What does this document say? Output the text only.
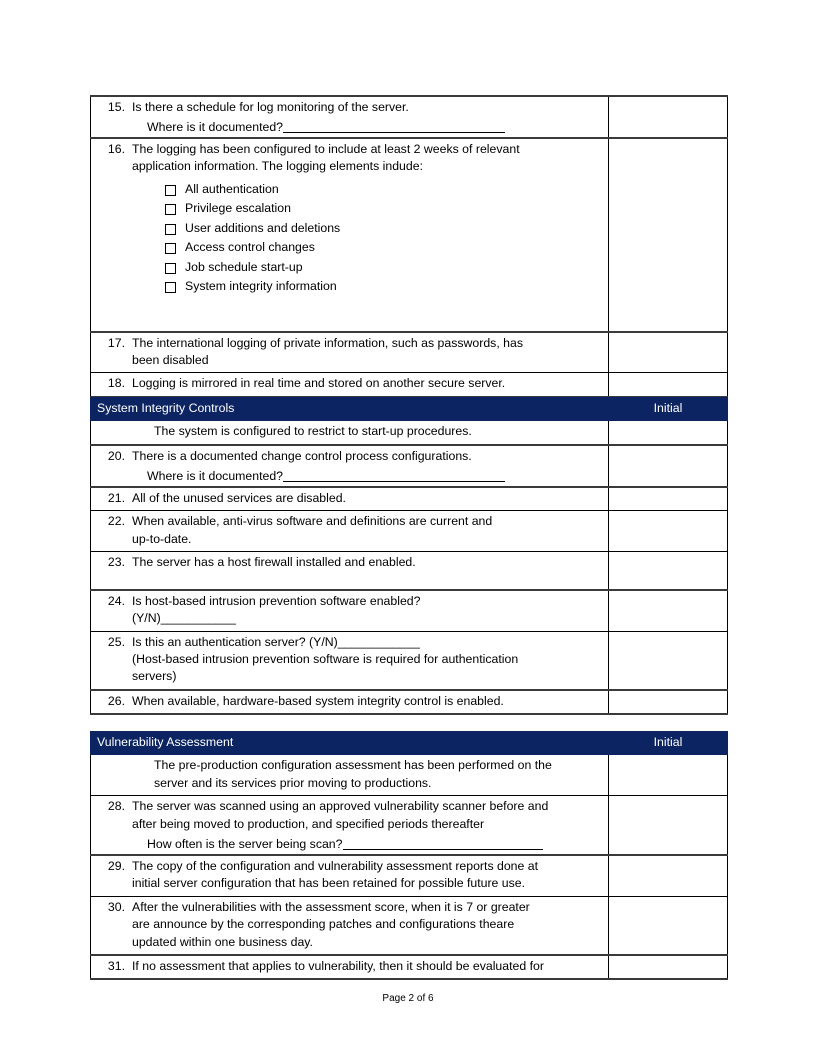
15. Is there a schedule for log monitoring of the server.
Where is it documented?	

16. The logging has been configured to include at least 2 weeks of relevant
application information. The logging elements indude:
All authentication
Privilege escalation
User additions and deletions
Access control changes
Job schedule start-up
System integrity information

17. The international logging of private information, such as passwords, has
been disabled	

18. Logging is mirrored in real time and stored on another secure server.	

System Integrity Controls	Initial

The system is configured to restrict to start-up procedures.	

20. There is a documented change control process configurations.
Where is it documented?	

21. All of the unused services are disabled.	

22. When available, anti-virus software and definitions are current and
up-to-date.	

23. The server has a host firewall installed and enabled.	

24. Is host-based intrusion prevention software enabled?
(Y/N)___________	

25. Is this an authentication server? (Y/N)____________
(Host-based intrusion prevention software is required for authentication
servers)	

26. When available, hardware-based system integrity control is enabled.	

Vulnerability Assessment	Initial

The pre-production configuration assessment has been performed on the
server and its services prior moving to productions.	

28. The server was scanned using an approved vulnerability scanner before and
after being moved to production, and specified periods thereafter
How often is the server being scan?	

29. The copy of the configuration and vulnerability assessment reports done at
initial server configuration that has been retained for possible future use.	

30. After the vulnerabilities with the assessment score, when it is 7 or greater
are announce by the corresponding patches and configurations theare
updated within one business day.	

31. If no assessment that applies to vulnerability, then it should be evaluated for	

Page 2 of 6
